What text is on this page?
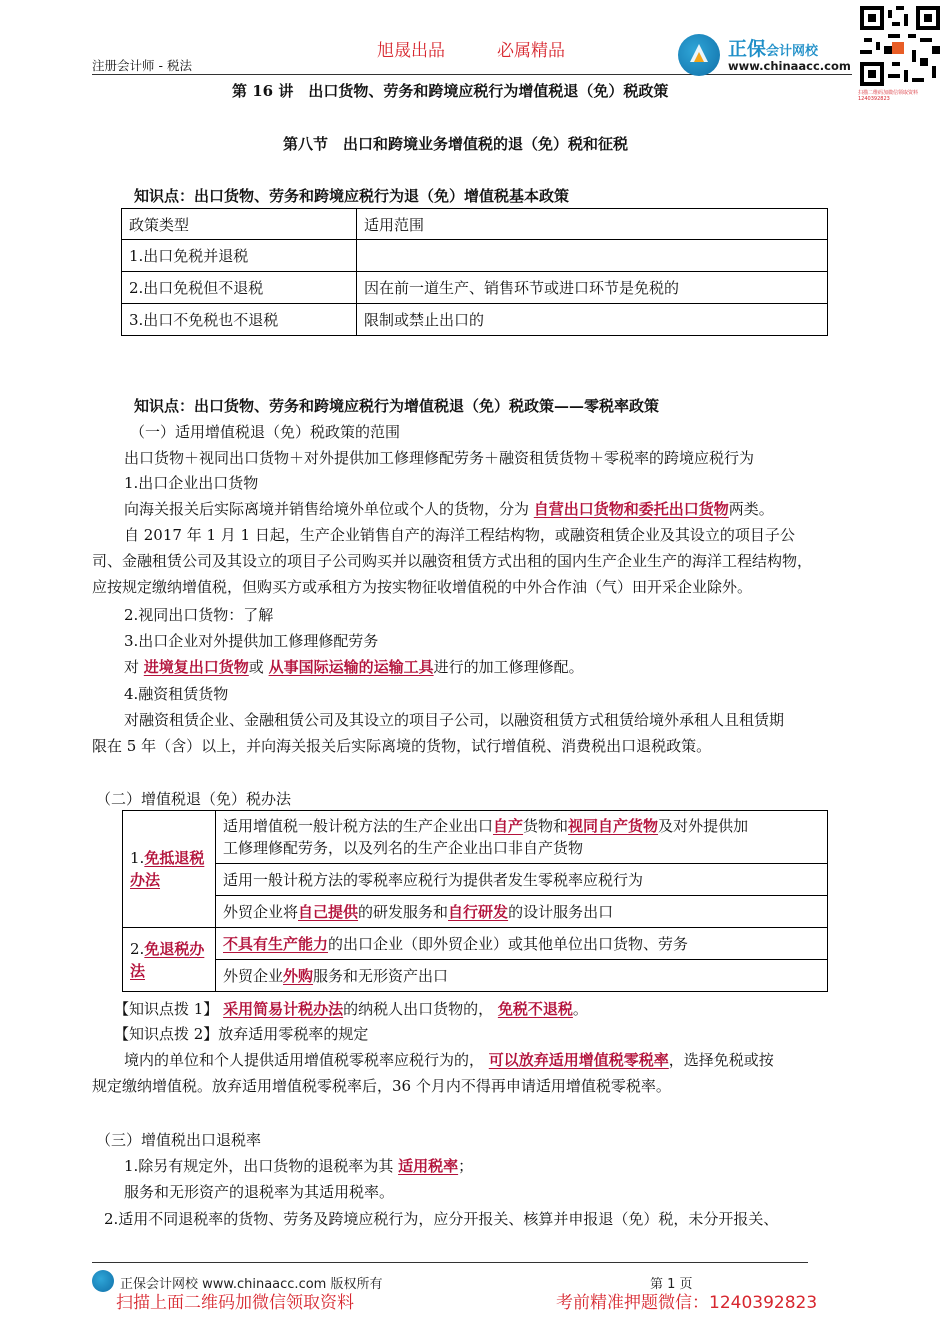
旭晟出品	必属精品
注册会计师 - 税法
正保会计网校
www.chinaacc.com
扫描二维码加微信领取资料 1240392823
第 16 讲　出口货物、劳务和跨境应税行为增值税退（免）税政策
第八节　出口和跨境业务增值税的退（免）税和征税
知识点：出口货物、劳务和跨境应税行为退（免）增值税基本政策
政策类型	适用范围
1.出口免税并退税	
2.出口免税但不退税	因在前一道生产、销售环节或进口环节是免税的
3.出口不免税也不退税	限制或禁止出口的
知识点：出口货物、劳务和跨境应税行为增值税退（免）税政策——零税率政策
（一）适用增值税退（免）税政策的范围
出口货物＋视同出口货物＋对外提供加工修理修配劳务＋融资租赁货物＋零税率的跨境应税行为
1.出口企业出口货物
向海关报关后实际离境并销售给境外单位或个人的货物，分为 自营出口货物和委托出口货物两类。
自 2017 年 1 月 1 日起，生产企业销售自产的海洋工程结构物，或融资租赁企业及其设立的项目子公
司、金融租赁公司及其设立的项目子公司购买并以融资租赁方式出租的国内生产企业生产的海洋工程结构物，
应按规定缴纳增值税，但购买方或承租方为按实物征收增值税的中外合作油（气）田开采企业除外。
2.视同出口货物：了解
3.出口企业对外提供加工修理修配劳务
对 进境复出口货物或 从事国际运输的运输工具进行的加工修理修配。
4.融资租赁货物
对融资租赁企业、金融租赁公司及其设立的项目子公司，以融资租赁方式租赁给境外承租人且租赁期
限在 5 年（含）以上，并向海关报关后实际离境的货物，试行增值税、消费税出口退税政策。
（二）增值税退（免）税办法
1.免抵退税办法	适用增值税一般计税方法的生产企业出口自产货物和视同自产货物及对外提供加
工修理修配劳务，以及列名的生产企业出口非自产货物
	适用一般计税方法的零税率应税行为提供者发生零税率应税行为
	外贸企业将自己提供的研发服务和自行研发的设计服务出口
2.免退税办法	不具有生产能力的出口企业（即外贸企业）或其他单位出口货物、劳务
	外贸企业外购服务和无形资产出口
【知识点拨 1】 采用简易计税办法的纳税人出口货物的， 免税不退税。
【知识点拨 2】放弃适用零税率的规定
境内的单位和个人提供适用增值税零税率应税行为的， 可以放弃适用增值税零税率，选择免税或按
规定缴纳增值税。放弃适用增值税零税率后，36 个月内不得再申请适用增值税零税率。
（三）增值税出口退税率
1.除另有规定外，出口货物的退税率为其 适用税率；
服务和无形资产的退税率为其适用税率。
2.适用不同退税率的货物、劳务及跨境应税行为，应分开报关、核算并申报退（免）税，未分开报关、
正保会计网校 www.chinaacc.com 版权所有	第 1 页
扫描上面二维码加微信领取资料	考前精准押题微信：1240392823
